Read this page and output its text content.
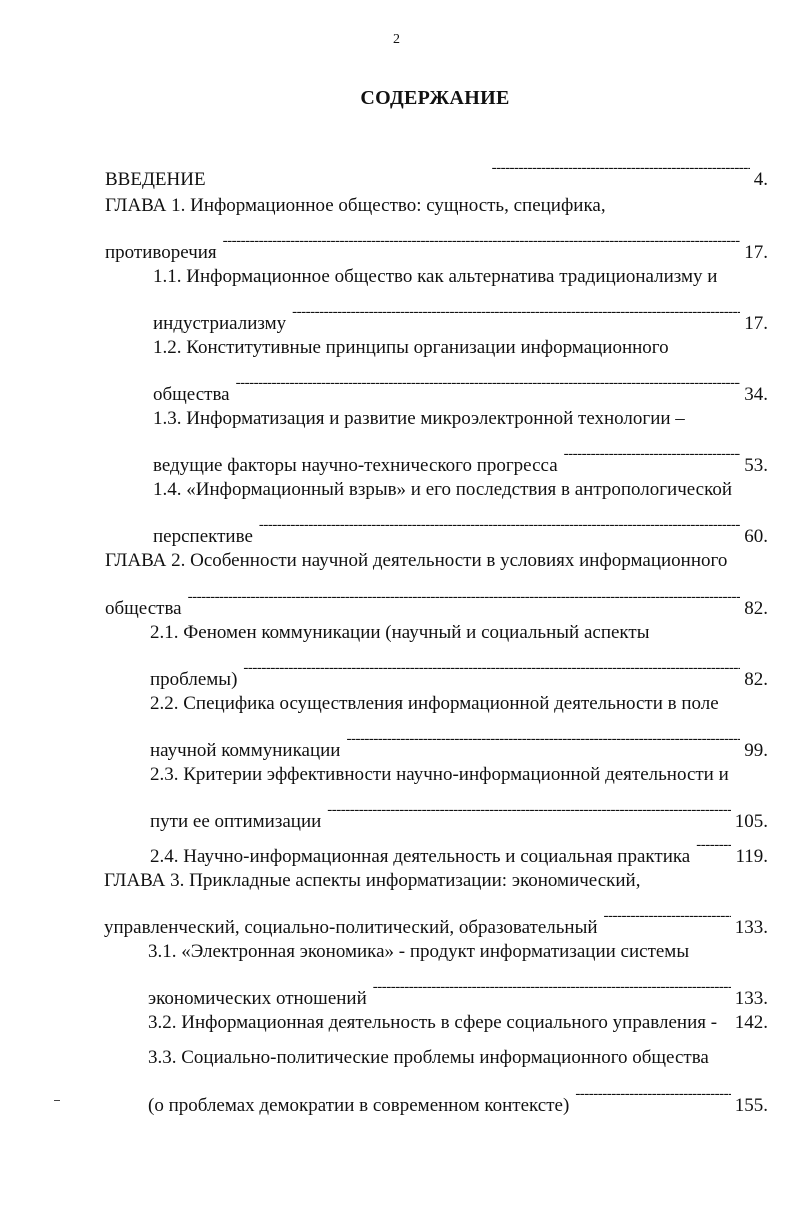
2
СОДЕРЖАНИЕ
ВВЕДЕНИЕ -----	4.
ГЛАВА 1. Информационное общество: сущность, специфика,
противоречия -----	17.
1.1. Информационное общество как альтернатива традиционализму и
индустриализму -----	17.
1.2. Конститутивные принципы организации информационного
общества -----	34.
1.3. Информатизация и развитие микроэлектронной технологии –
ведущие факторы научно-технического прогресса -----	53.
1.4. «Информационный взрыв» и его последствия в антропологической
перспективе -----	60.
ГЛАВА 2. Особенности научной деятельности в условиях информационного
общества -----	82.
2.1. Феномен коммуникации (научный и социальный аспекты
проблемы) -----	82.
2.2. Специфика осуществления информационной деятельности в поле
научной коммуникации -----	99.
2.3. Критерии эффективности научно-информационной деятельности и
пути ее оптимизации -----	105.
2.4. Научно-информационная деятельность и социальная практика ----- 119.
ГЛАВА 3. Прикладные аспекты информатизации: экономический,
управленческий, социально-политический, образовательный -----	133.
3.1. «Электронная экономика» - продукт информатизации системы
экономических отношений -----	133.
3.2. Информационная деятельность в сфере социального управления - 142.
3.3. Социально-политические проблемы информационного общества
(о проблемах демократии в современном контексте) -----	155.
